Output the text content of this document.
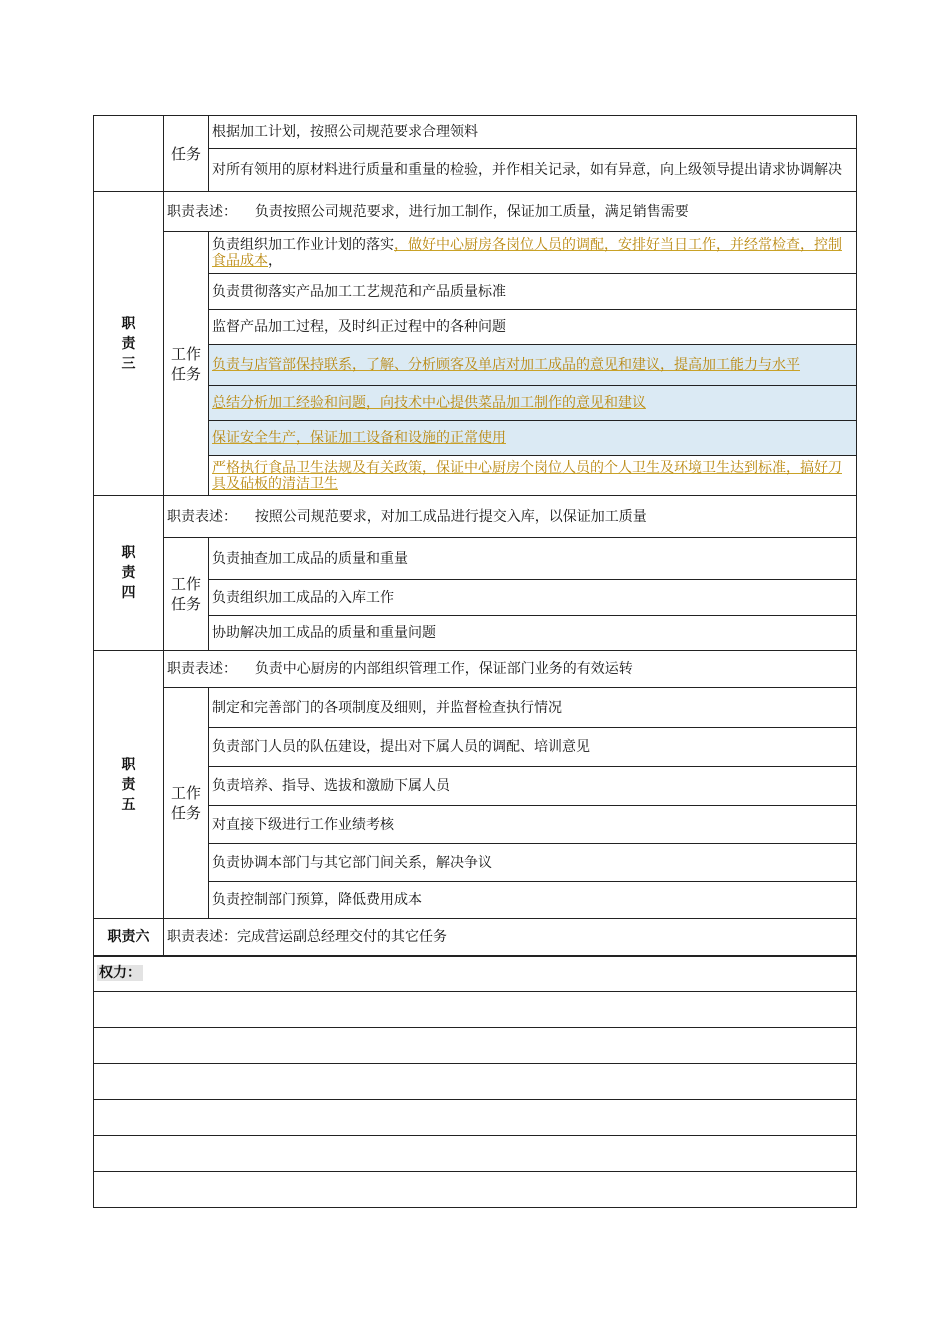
	任务	根据加工计划，按照公司规范要求合理领料
		对所有领用的原材料进行质量和重量的检验，并作相关记录，如有异意，向上级领导提出请求协调解决
职责三	职责表述： 负责按照公司规范要求，进行加工制作，保证加工质量，满足销售需要	
	工作任务	负责组织加工作业计划的落实，做好中心厨房各岗位人员的调配，安排好当日工作，并经常检查，控制食品成本，
		负责贯彻落实产品加工工艺规范和产品质量标准
		监督产品加工过程，及时纠正过程中的各种问题
		负责与店管部保持联系，了解、分析顾客及单店对加工成品的意见和建议，提高加工能力与水平
		总结分析加工经验和问题，向技术中心提供菜品加工制作的意见和建议
		保证安全生产，保证加工设备和设施的正常使用
		严格执行食品卫生法规及有关政策，保证中心厨房个岗位人员的个人卫生及环境卫生达到标准，搞好刀具及砧板的清洁卫生
职责四	职责表述： 按照公司规范要求，对加工成品进行提交入库，以保证加工质量	
	工作任务	负责抽查加工成品的质量和重量
		负责组织加工成品的入库工作
		协助解决加工成品的质量和重量问题
职责五	职责表述： 负责中心厨房的内部组织管理工作，保证部门业务的有效运转	
	工作任务	制定和完善部门的各项制度及细则，并监督检查执行情况
		负责部门人员的队伍建设，提出对下属人员的调配、培训意见
		负责培养、指导、选拔和激励下属人员
		对直接下级进行工作业绩考核
		负责协调本部门与其它部门间关系，解决争议
		负责控制部门预算，降低费用成本
职责六	职责表述：完成营运副总经理交付的其它任务	
权力：		
